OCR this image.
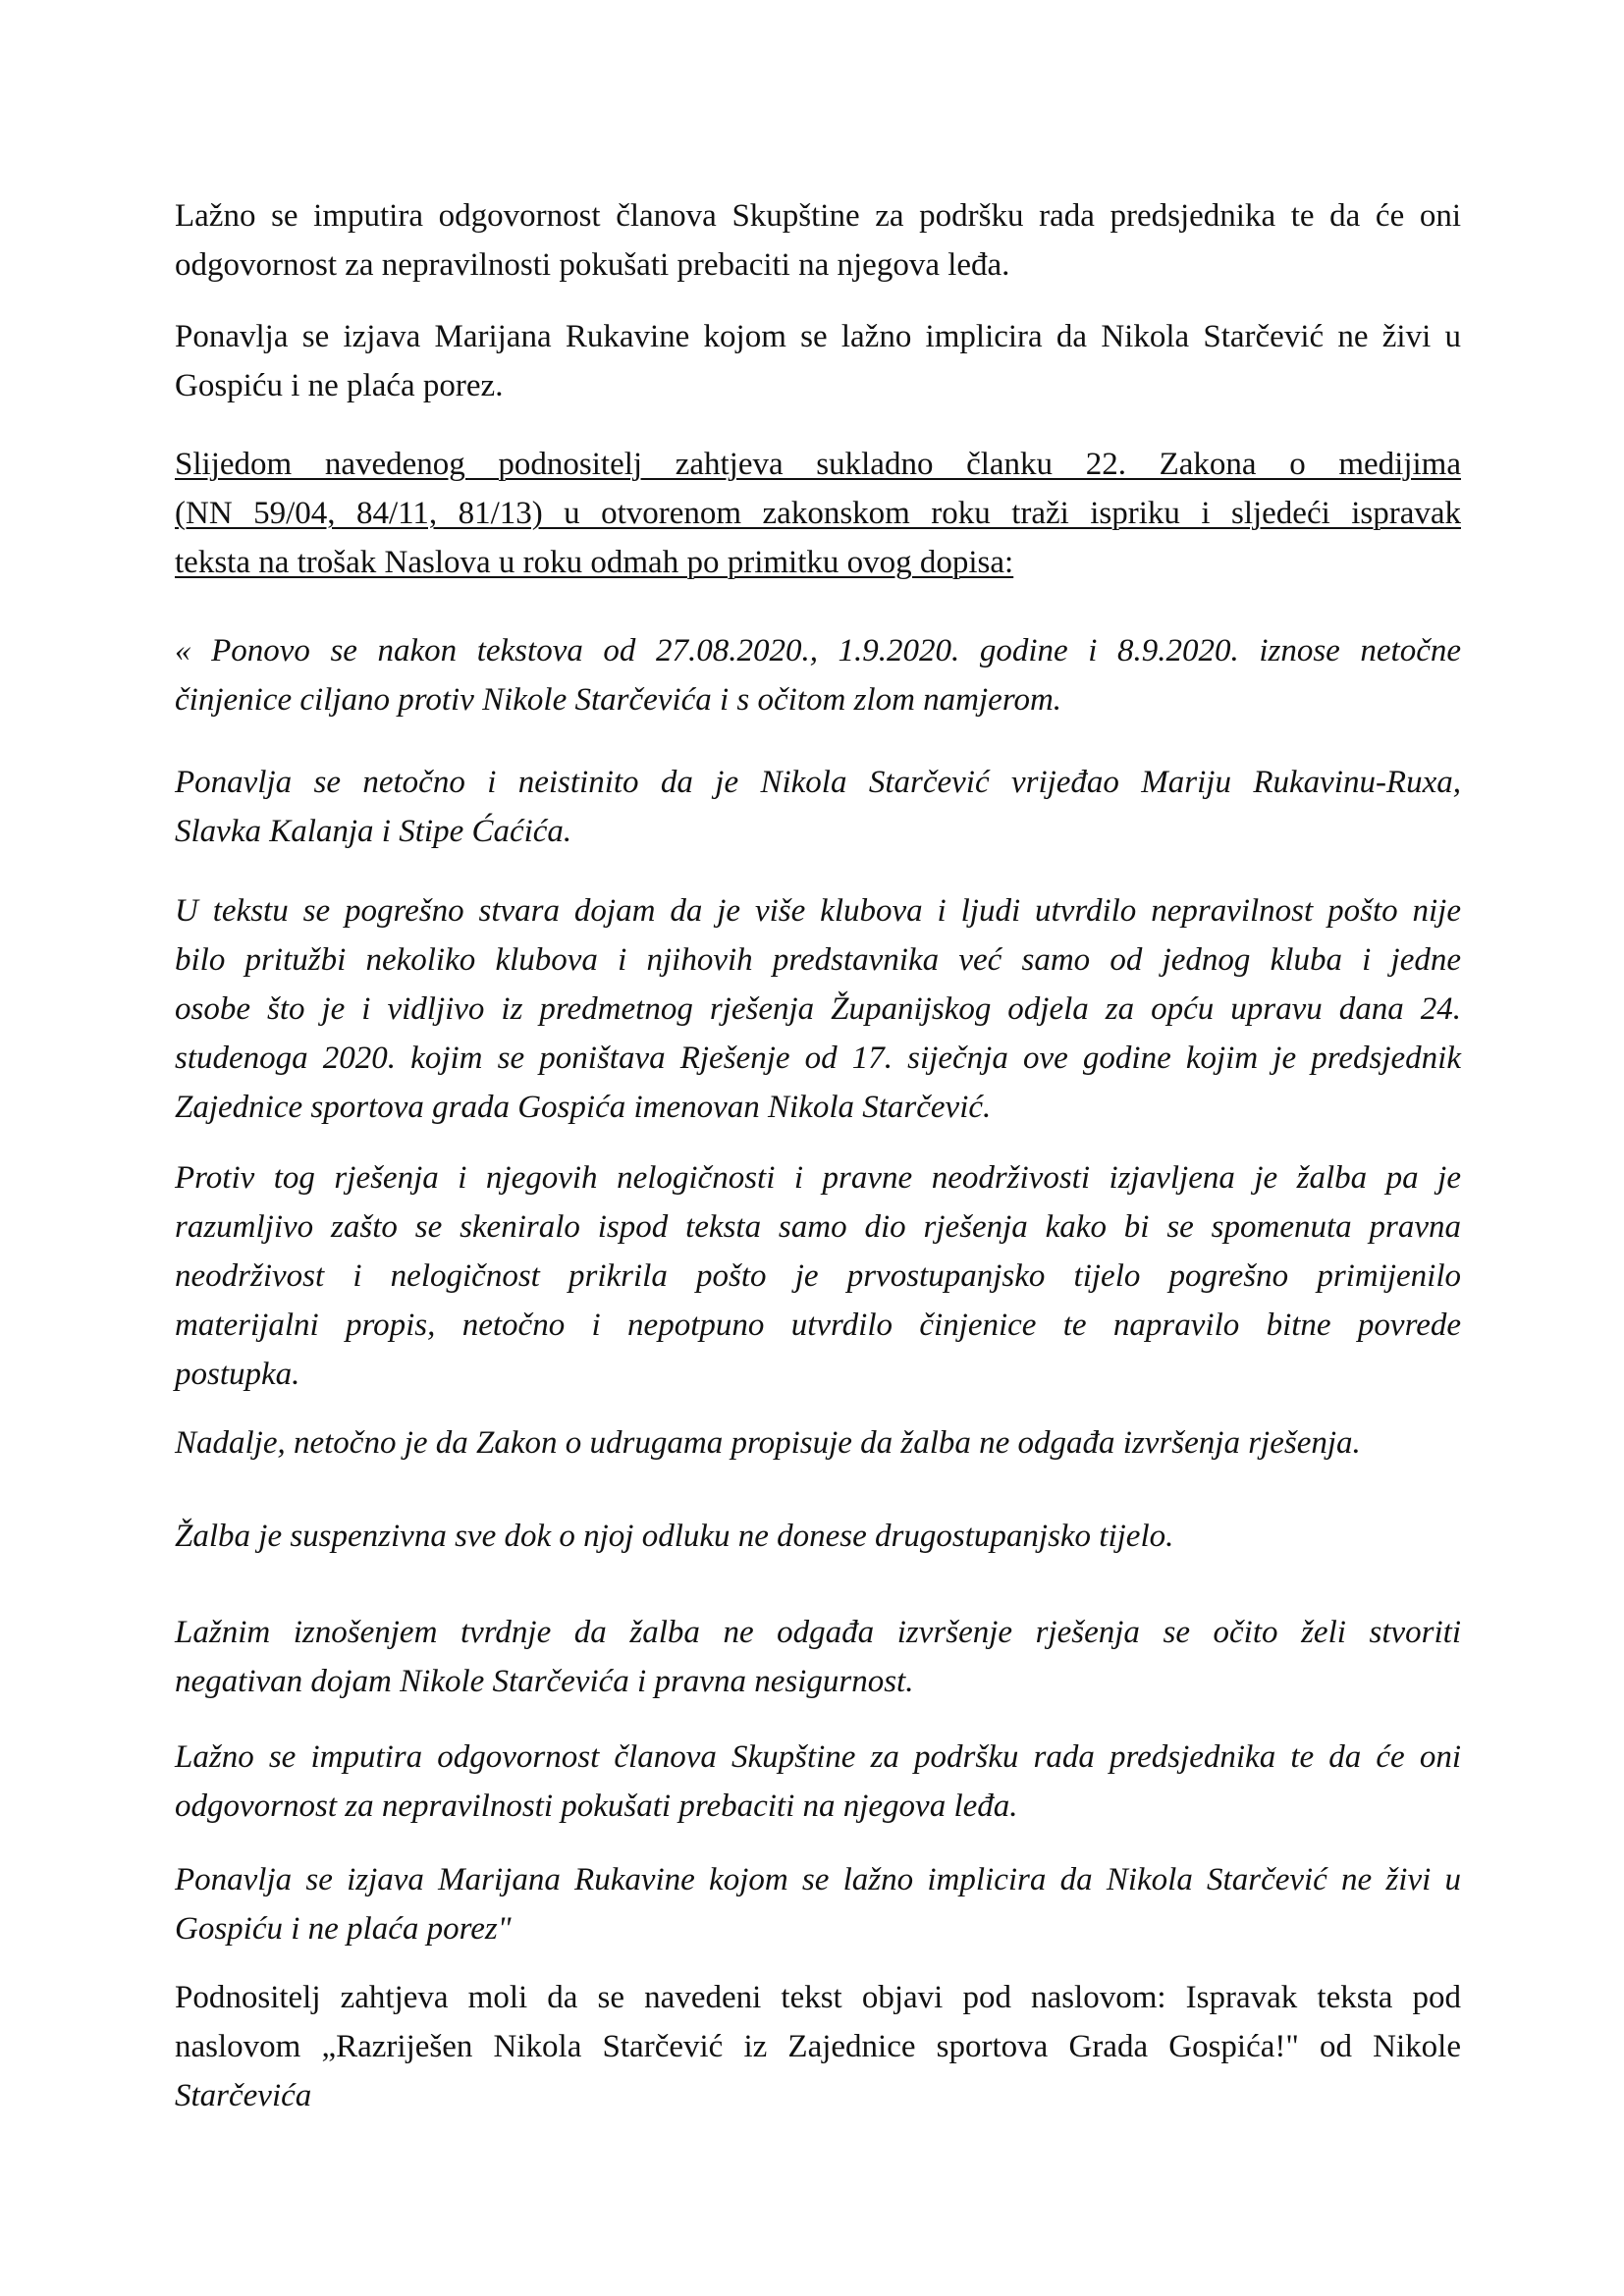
Lažno se imputira odgovornost članova Skupštine za podršku rada predsjednika te da će oni
odgovornost za nepravilnosti pokušati prebaciti na njegova leđa.
Ponavlja se izjava Marijana Rukavine kojom se lažno implicira da Nikola Starčević ne živi u
Gospiću i ne plaća porez.
Slijedom navedenog podnositelj zahtjeva sukladno članku 22. Zakona o medijima
(NN 59/04, 84/11, 81/13) u otvorenom zakonskom roku traži ispriku i sljedeći ispravak
teksta na trošak Naslova u roku odmah po primitku ovog dopisa:
« Ponovo se nakon tekstova od 27.08.2020., 1.9.2020. godine i 8.9.2020. iznose netočne
činjenice ciljano protiv Nikole Starčevića i s očitom zlom namjerom.
Ponavlja se netočno i neistinito da je Nikola Starčević vrijeđao Mariju Rukavinu-Ruxa,
Slavka Kalanja i Stipe Ćaćića.
U tekstu se pogrešno stvara dojam da je više klubova i ljudi utvrdilo nepravilnost pošto nije
bilo pritužbi nekoliko klubova i njihovih predstavnika već samo od jednog kluba i jedne
osobe što je i vidljivo iz predmetnog rješenja Županijskog odjela za opću upravu dana 24.
studenoga 2020. kojim se poništava Rješenje od 17. siječnja ove godine kojim je predsjednik
Zajednice sportova grada Gospića imenovan Nikola Starčević.
Protiv tog rješenja i njegovih nelogičnosti i pravne neodrživosti izjavljena je žalba pa je
razumljivo zašto se skeniralo ispod teksta samo dio rješenja kako bi se spomenuta pravna
neodrživost i nelogičnost prikrila pošto je prvostupanjsko tijelo pogrešno primijenilo
materijalni propis, netočno i nepotpuno utvrdilo činjenice te napravilo bitne povrede
postupka.
Nadalje, netočno je da Zakon o udrugama propisuje da žalba ne odgađa izvršenja rješenja.
Žalba je suspenzivna sve dok o njoj odluku ne donese drugostupanjsko tijelo.
Lažnim iznošenjem tvrdnje da žalba ne odgađa izvršenje rješenja se očito želi stvoriti
negativan dojam Nikole Starčevića i pravna nesigurnost.
Lažno se imputira odgovornost članova Skupštine za podršku rada predsjednika te da će oni
odgovornost za nepravilnosti pokušati prebaciti na njegova leđa.
Ponavlja se izjava Marijana Rukavine kojom se lažno implicira da Nikola Starčević ne živi u
Gospiću i ne plaća porez"
Podnositelj zahtjeva moli da se navedeni tekst objavi pod naslovom: Ispravak teksta pod
naslovom „Razriješen Nikola Starčević iz Zajednice sportova Grada Gospića!" od Nikole
Starčevića
